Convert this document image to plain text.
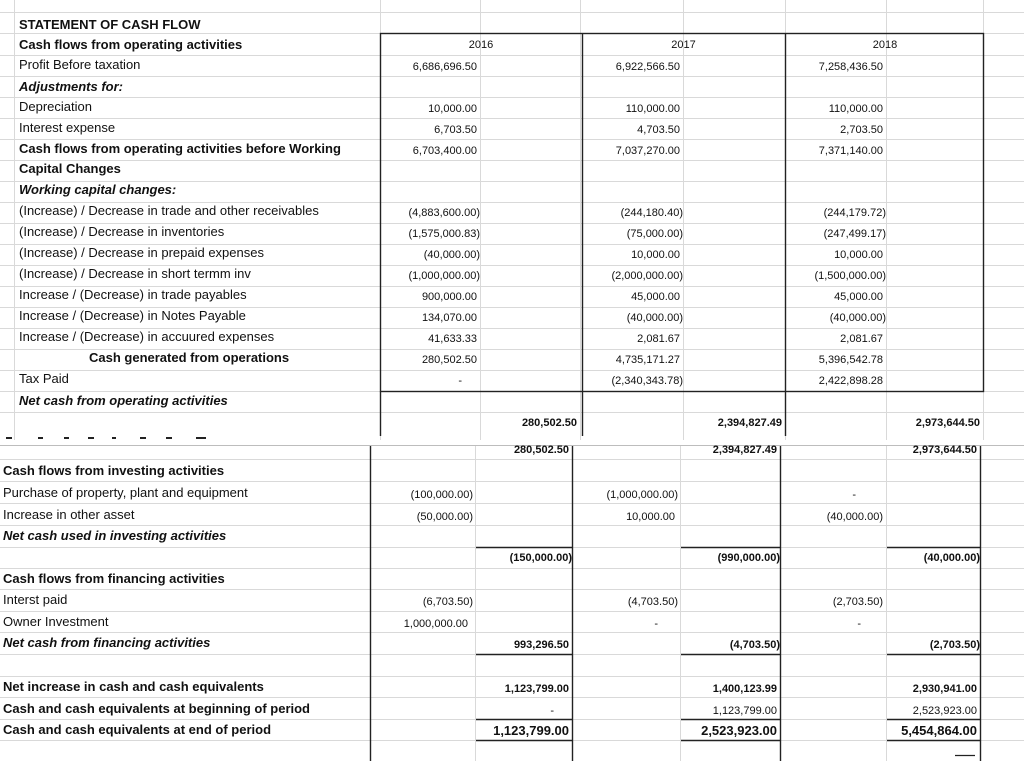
STATEMENT OF CASH FLOW
Cash flows from operating activities	2016	2017	2018
Profit Before taxation	6,686,696.50	6,922,566.50	7,258,436.50
Adjustments for:
Depreciation	10,000.00	110,000.00	110,000.00
Interest expense	6,703.50	4,703.50	2,703.50
Cash flows from operating activities before Working
Capital Changes
6,703,400.00	7,037,270.00	7,371,140.00
Working capital changes:
(Increase) / Decrease in trade and other receivables	(4,883,600.00)	(244,180.40)	(244,179.72)
(Increase) / Decrease in inventories	(1,575,000.83)	(75,000.00)	(247,499.17)
(Increase) / Decrease in prepaid expenses	(40,000.00)	10,000.00	10,000.00
(Increase) / Decrease in short termm inv	(1,000,000.00)	(2,000,000.00)	(1,500,000.00)
Increase / (Decrease) in trade payables	900,000.00	45,000.00	45,000.00
Increase / (Decrease) in Notes Payable	134,070.00	(40,000.00)	(40,000.00)
Increase / (Decrease) in accuured expenses	41,633.33	2,081.67	2,081.67
Cash generated from operations	280,502.50	4,735,171.27	5,396,542.78
Tax Paid	-	(2,340,343.78)	2,422,898.28
Net cash from operating activities
280,502.50	2,394,827.49	2,973,644.50
280,502.50	2,394,827.49	2,973,644.50
Cash flows from investing activities
Purchase of property, plant and equipment	(100,000.00)	(1,000,000.00)	-
Increase in other asset	(50,000.00)	10,000.00	(40,000.00)
Net cash used in investing activities
(150,000.00)	(990,000.00)	(40,000.00)
Cash flows from financing activities
Interst paid	(6,703.50)	(4,703.50)	(2,703.50)
Owner Investment	1,000,000.00	-	-
Net cash from financing activities	993,296.50	(4,703.50)	(2,703.50)
Net increase in cash and cash equivalents	1,123,799.00	1,400,123.99	2,930,941.00
Cash and cash equivalents at beginning of period	-	1,123,799.00	2,523,923.00
Cash and cash equivalents at end of period	1,123,799.00	2,523,923.00	5,454,864.00
